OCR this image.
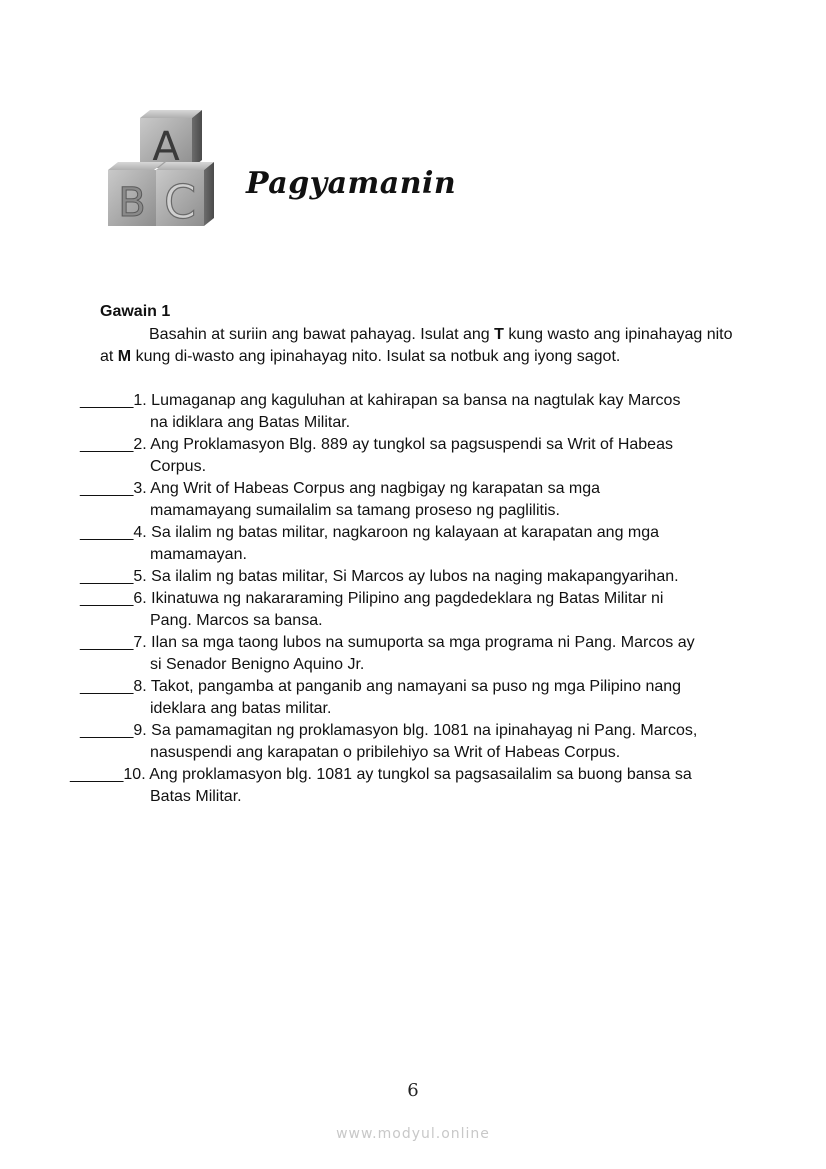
A
B C Pagyamanin
Gawain 1
Basahin at suriin ang bawat pahayag. Isulat ang T kung wasto ang ipinahayag nito at M kung di-wasto ang ipinahayag nito. Isulat sa notbuk ang iyong sagot.
______1. Lumaganap ang kaguluhan at kahirapan sa bansa na nagtulak kay Marcos
na idiklara ang Batas Militar.
______2. Ang Proklamasyon Blg. 889 ay tungkol sa pagsuspendi sa Writ of Habeas
Corpus.
______3. Ang Writ of Habeas Corpus ang nagbigay ng karapatan sa mga
mamamayang sumailalim sa tamang proseso ng paglilitis.
______4. Sa ilalim ng batas militar, nagkaroon ng kalayaan at karapatan ang mga
mamamayan.
______5. Sa ilalim ng batas militar, Si Marcos ay lubos na naging makapangyarihan.
______6. Ikinatuwa ng nakararaming Pilipino ang pagdedeklara ng Batas Militar ni
Pang. Marcos sa bansa.
______7. Ilan sa mga taong lubos na sumuporta sa mga programa ni Pang. Marcos ay
si Senador Benigno Aquino Jr.
______8. Takot, pangamba at panganib ang namayani sa puso ng mga Pilipino nang
ideklara ang batas militar.
______9. Sa pamamagitan ng proklamasyon blg. 1081 na ipinahayag ni Pang. Marcos,
nasuspendi ang karapatan o pribilehiyo sa Writ of Habeas Corpus.
______10. Ang proklamasyon blg. 1081 ay tungkol sa pagsasailalim sa buong bansa sa
Batas Militar.
6
www.modyul.online
